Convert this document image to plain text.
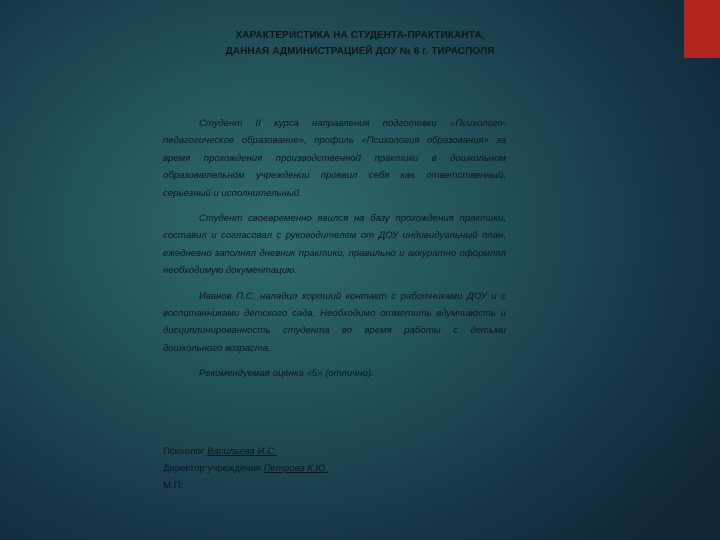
ХАРАКТЕРИСТИКА НА СТУДЕНТА-ПРАКТИКАНТА,
ДАННАЯ АДМИНИСТРАЦИЕЙ ДОУ № 6 г. ТИРАСПОЛЯ

Студент II курса направления подготовки «Психолого-педагогическое образование», профиль «Психология образования» за время прохождения производственной практики в дошкольном образовательном учреждении проявил себя как ответственный, серьезный и исполнительный.

Студент своевременно явился на базу прохождения практики, составил и согласовал с руководителем от ДОУ индивидуальный план, ежедневно заполнял дневник практики, правильно и аккуратно оформлял необходимую документацию.

Иванов П.С. наладил хороший контакт с работниками ДОУ и с воспитанниками детского сада. Необходимо отметить вдумчивость и дисциплинированность студента во время работы с детьми дошкольного возраста.

Рекомендуемая оценка «5» (отлично).

Психолог Васильева И.С.
Директор учреждения Петрова К.Ю.
М.П.
